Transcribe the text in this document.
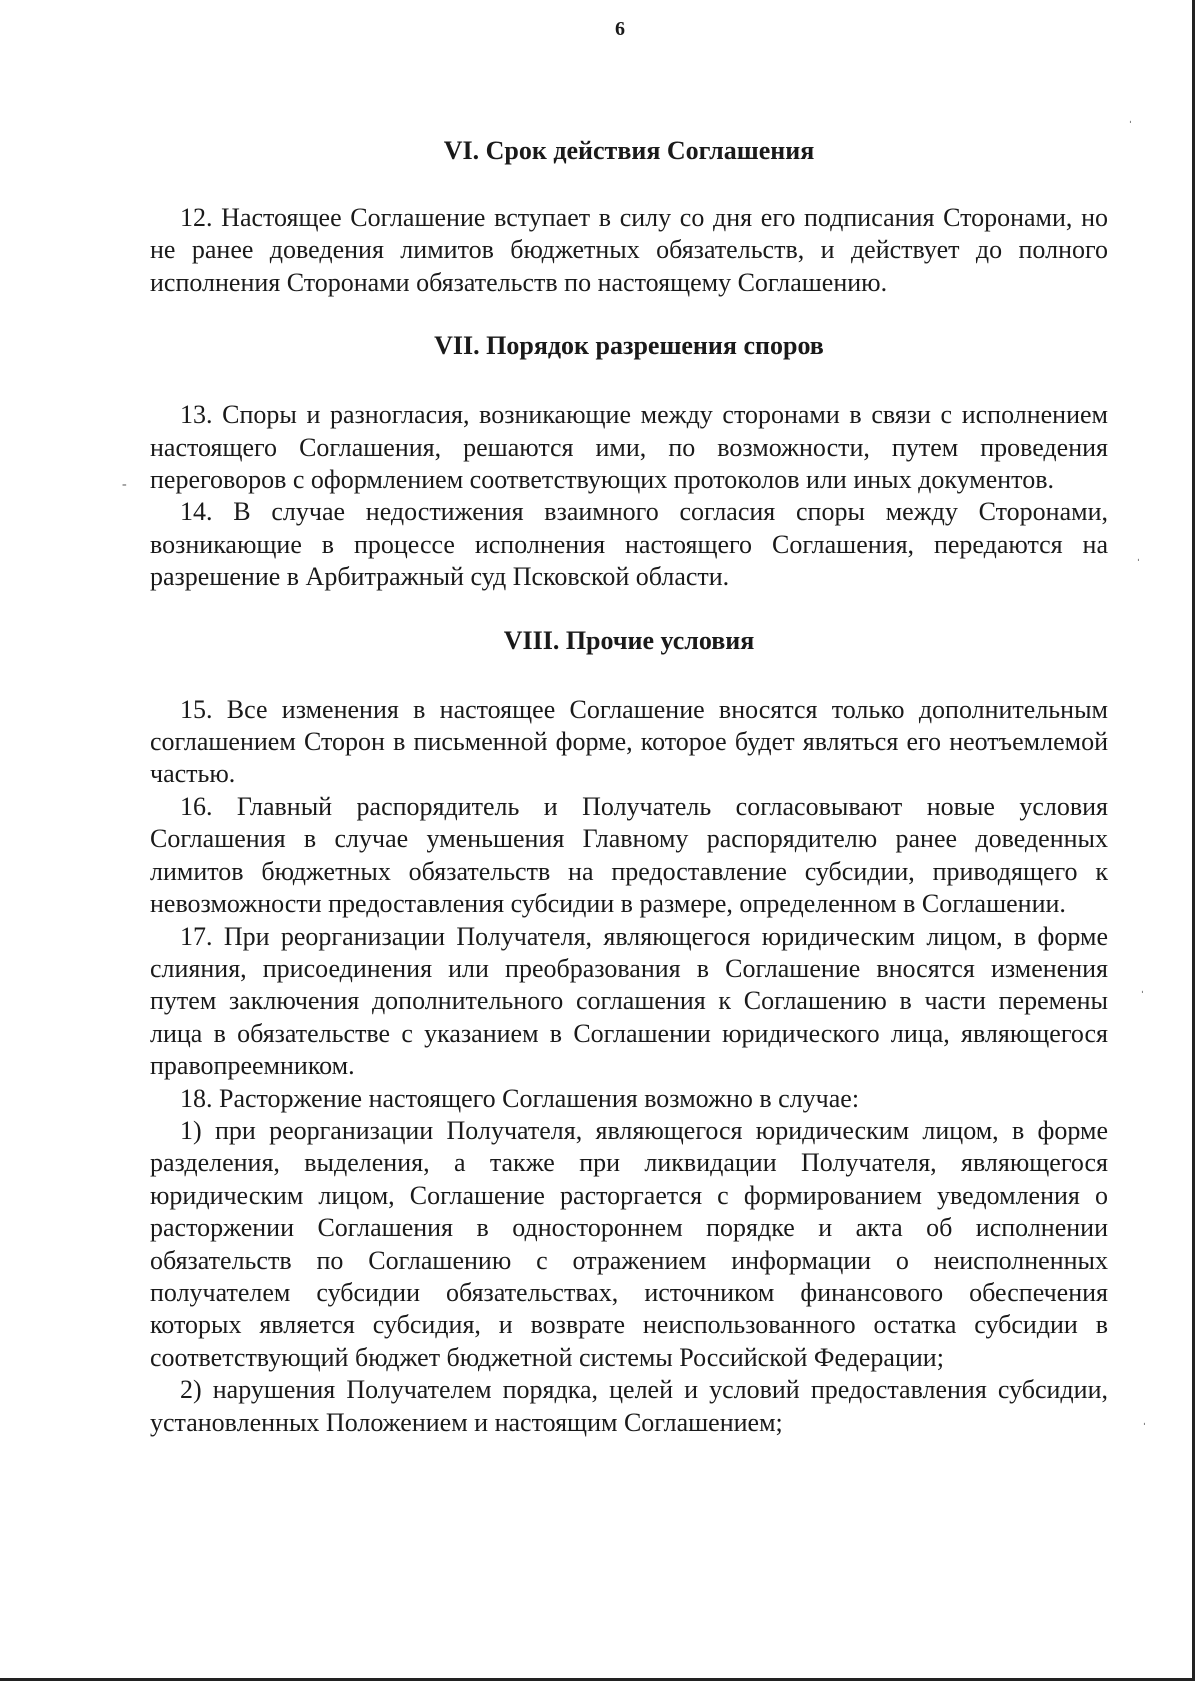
6
ˌ
ˌ
-
ˌ
ˌ
VI. Срок действия Соглашения

12. Настоящее Соглашение вступает в силу со дня его подписания Сторонами, но не ранее доведения лимитов бюджетных обязательств, и действует до полного исполнения Сторонами обязательств по настоящему Соглашению.

VII. Порядок разрешения споров

13. Споры и разногласия, возникающие между сторонами в связи с исполнением настоящего Соглашения, решаются ими, по возможности, путем проведения переговоров с оформлением соответствующих протоколов или иных документов.

14. В случае недостижения взаимного согласия споры между Сторонами, возникающие в процессе исполнения настоящего Соглашения, передаются на разрешение в Арбитражный суд Псковской области.

VIII. Прочие условия

15. Все изменения в настоящее Соглашение вносятся только дополнительным соглашением Сторон в письменной форме, которое будет являться его неотъемлемой частью.

16. Главный распорядитель и Получатель согласовывают новые условия Соглашения в случае уменьшения Главному распорядителю ранее доведенных лимитов бюджетных обязательств на предоставление субсидии, приводящего к невозможности предоставления субсидии в размере, определенном в Соглашении.

17. При реорганизации Получателя, являющегося юридическим лицом, в форме слияния, присоединения или преобразования в Соглашение вносятся изменения путем заключения дополнительного соглашения к Соглашению в части перемены лица в обязательстве с указанием в Соглашении юридического лица, являющегося правопреемником.

18. Расторжение настоящего Соглашения возможно в случае:

1) при реорганизации Получателя, являющегося юридическим лицом, в форме разделения, выделения, а также при ликвидации Получателя, являющегося юридическим лицом, Соглашение расторгается с формированием уведомления о расторжении Соглашения в одностороннем порядке и акта об исполнении обязательств по Соглашению с отражением информации о неисполненных получателем субсидии обязательствах, источником финансового обеспечения которых является субсидия, и возврате неиспользованного остатка субсидии в соответствующий бюджет бюджетной системы Российской Федерации;

2) нарушения Получателем порядка, целей и условий предоставления субсидии, установленных Положением и настоящим Соглашением;
